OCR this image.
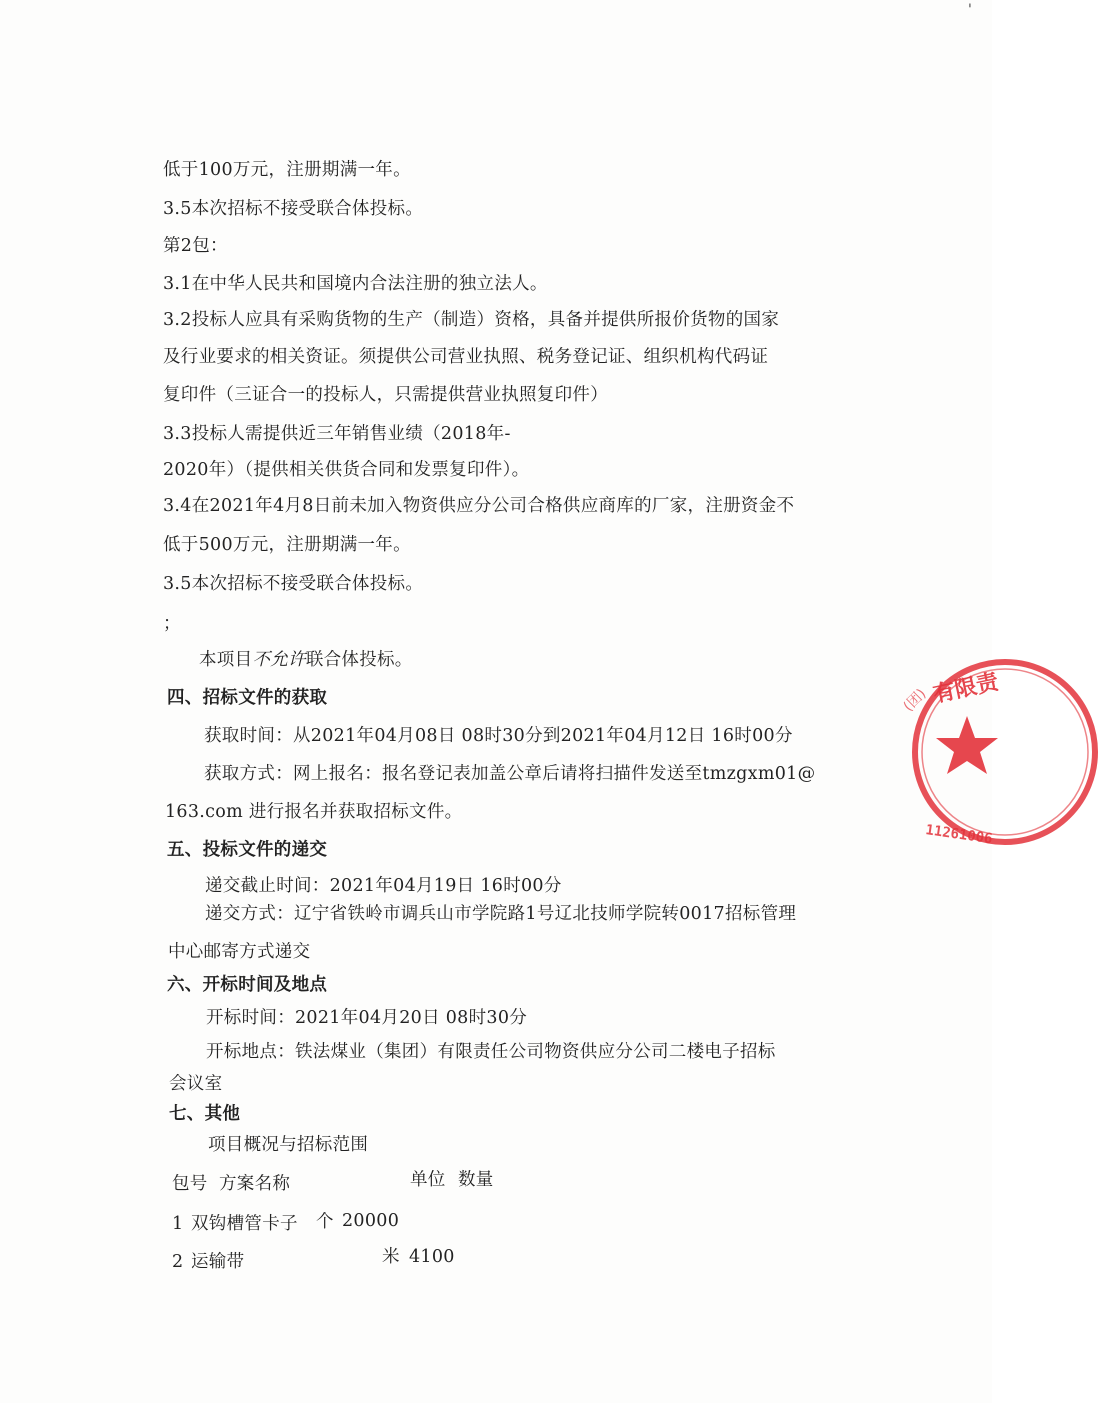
'
低于100万元，注册期满一年。
3.5本次招标不接受联合体投标。
第2包：
3.1在中华人民共和国境内合法注册的独立法人。
3.2投标人应具有采购货物的生产（制造）资格，具备并提供所报价货物的国家
及行业要求的相关资证。须提供公司营业执照、税务登记证、组织机构代码证
复印件（三证合一的投标人，只需提供营业执照复印件）
3.3投标人需提供近三年销售业绩（2018年-
2020年）（提供相关供货合同和发票复印件）。
3.4在2021年4月8日前未加入物资供应分公司合格供应商库的厂家，注册资金不
低于500万元，注册期满一年。
3.5本次招标不接受联合体投标。
；
本项目不允许联合体投标。
四、招标文件的获取
获取时间：从2021年04月08日 08时30分到2021年04月12日 16时00分
获取方式：网上报名：报名登记表加盖公章后请将扫描件发送至tmzgxm01@
163.com 进行报名并获取招标文件。
五、投标文件的递交
递交截止时间：2021年04月19日 16时00分
递交方式：辽宁省铁岭市调兵山市学院路1号辽北技师学院转0017招标管理
中心邮寄方式递交
六、开标时间及地点
开标时间：2021年04月20日 08时30分
开标地点：铁法煤业（集团）有限责任公司物资供应分公司二楼电子招标
会议室
七、其他
项目概况与招标范围
包号 方案名称	单位 数量
1 双钩槽管卡子 个 20000
2 运输带	米 4100
有限责
(团)
11261006
